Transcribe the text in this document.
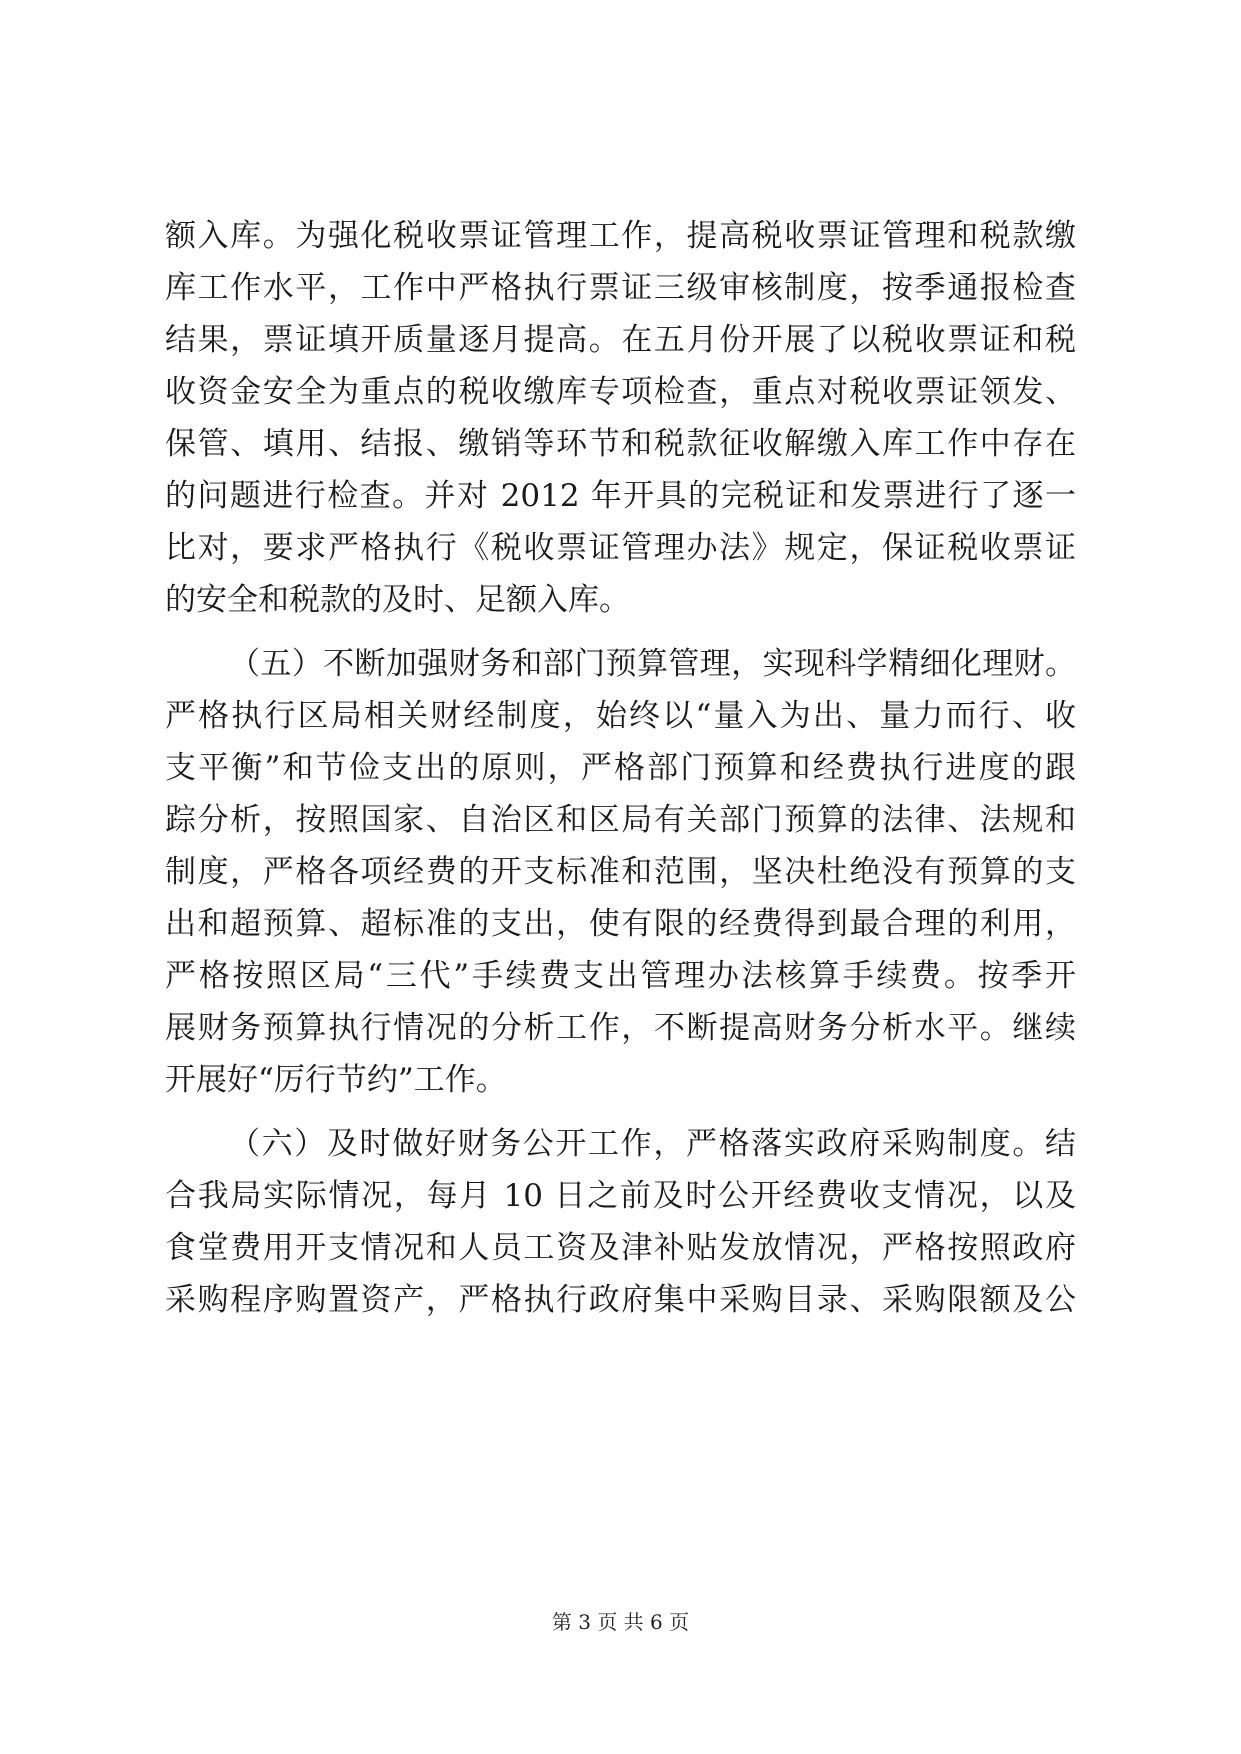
额入库。为强化税收票证管理工作，提高税收票证管理和税款缴
库工作水平，工作中严格执行票证三级审核制度，按季通报检查
结果，票证填开质量逐月提高。在五月份开展了以税收票证和税
收资金安全为重点的税收缴库专项检查，重点对税收票证领发、
保管、填用、结报、缴销等环节和税款征收解缴入库工作中存在
的问题进行检查。并对 2012 年开具的完税证和发票进行了逐一
比对，要求严格执行《税收票证管理办法》规定，保证税收票证
的安全和税款的及时、足额入库。
（五）不断加强财务和部门预算管理，实现科学精细化理财。
严格执行区局相关财经制度，始终以“量入为出、量力而行、收
支平衡”和节俭支出的原则，严格部门预算和经费执行进度的跟
踪分析，按照国家、自治区和区局有关部门预算的法律、法规和
制度，严格各项经费的开支标准和范围，坚决杜绝没有预算的支
出和超预算、超标准的支出，使有限的经费得到最合理的利用，
严格按照区局“三代”手续费支出管理办法核算手续费。按季开
展财务预算执行情况的分析工作，不断提高财务分析水平。继续
开展好“厉行节约”工作。
（六）及时做好财务公开工作，严格落实政府采购制度。结
合我局实际情况，每月 10 日之前及时公开经费收支情况，以及
食堂费用开支情况和人员工资及津补贴发放情况，严格按照政府
采购程序购置资产，严格执行政府集中采购目录、采购限额及公
第 3 页 共 6 页
